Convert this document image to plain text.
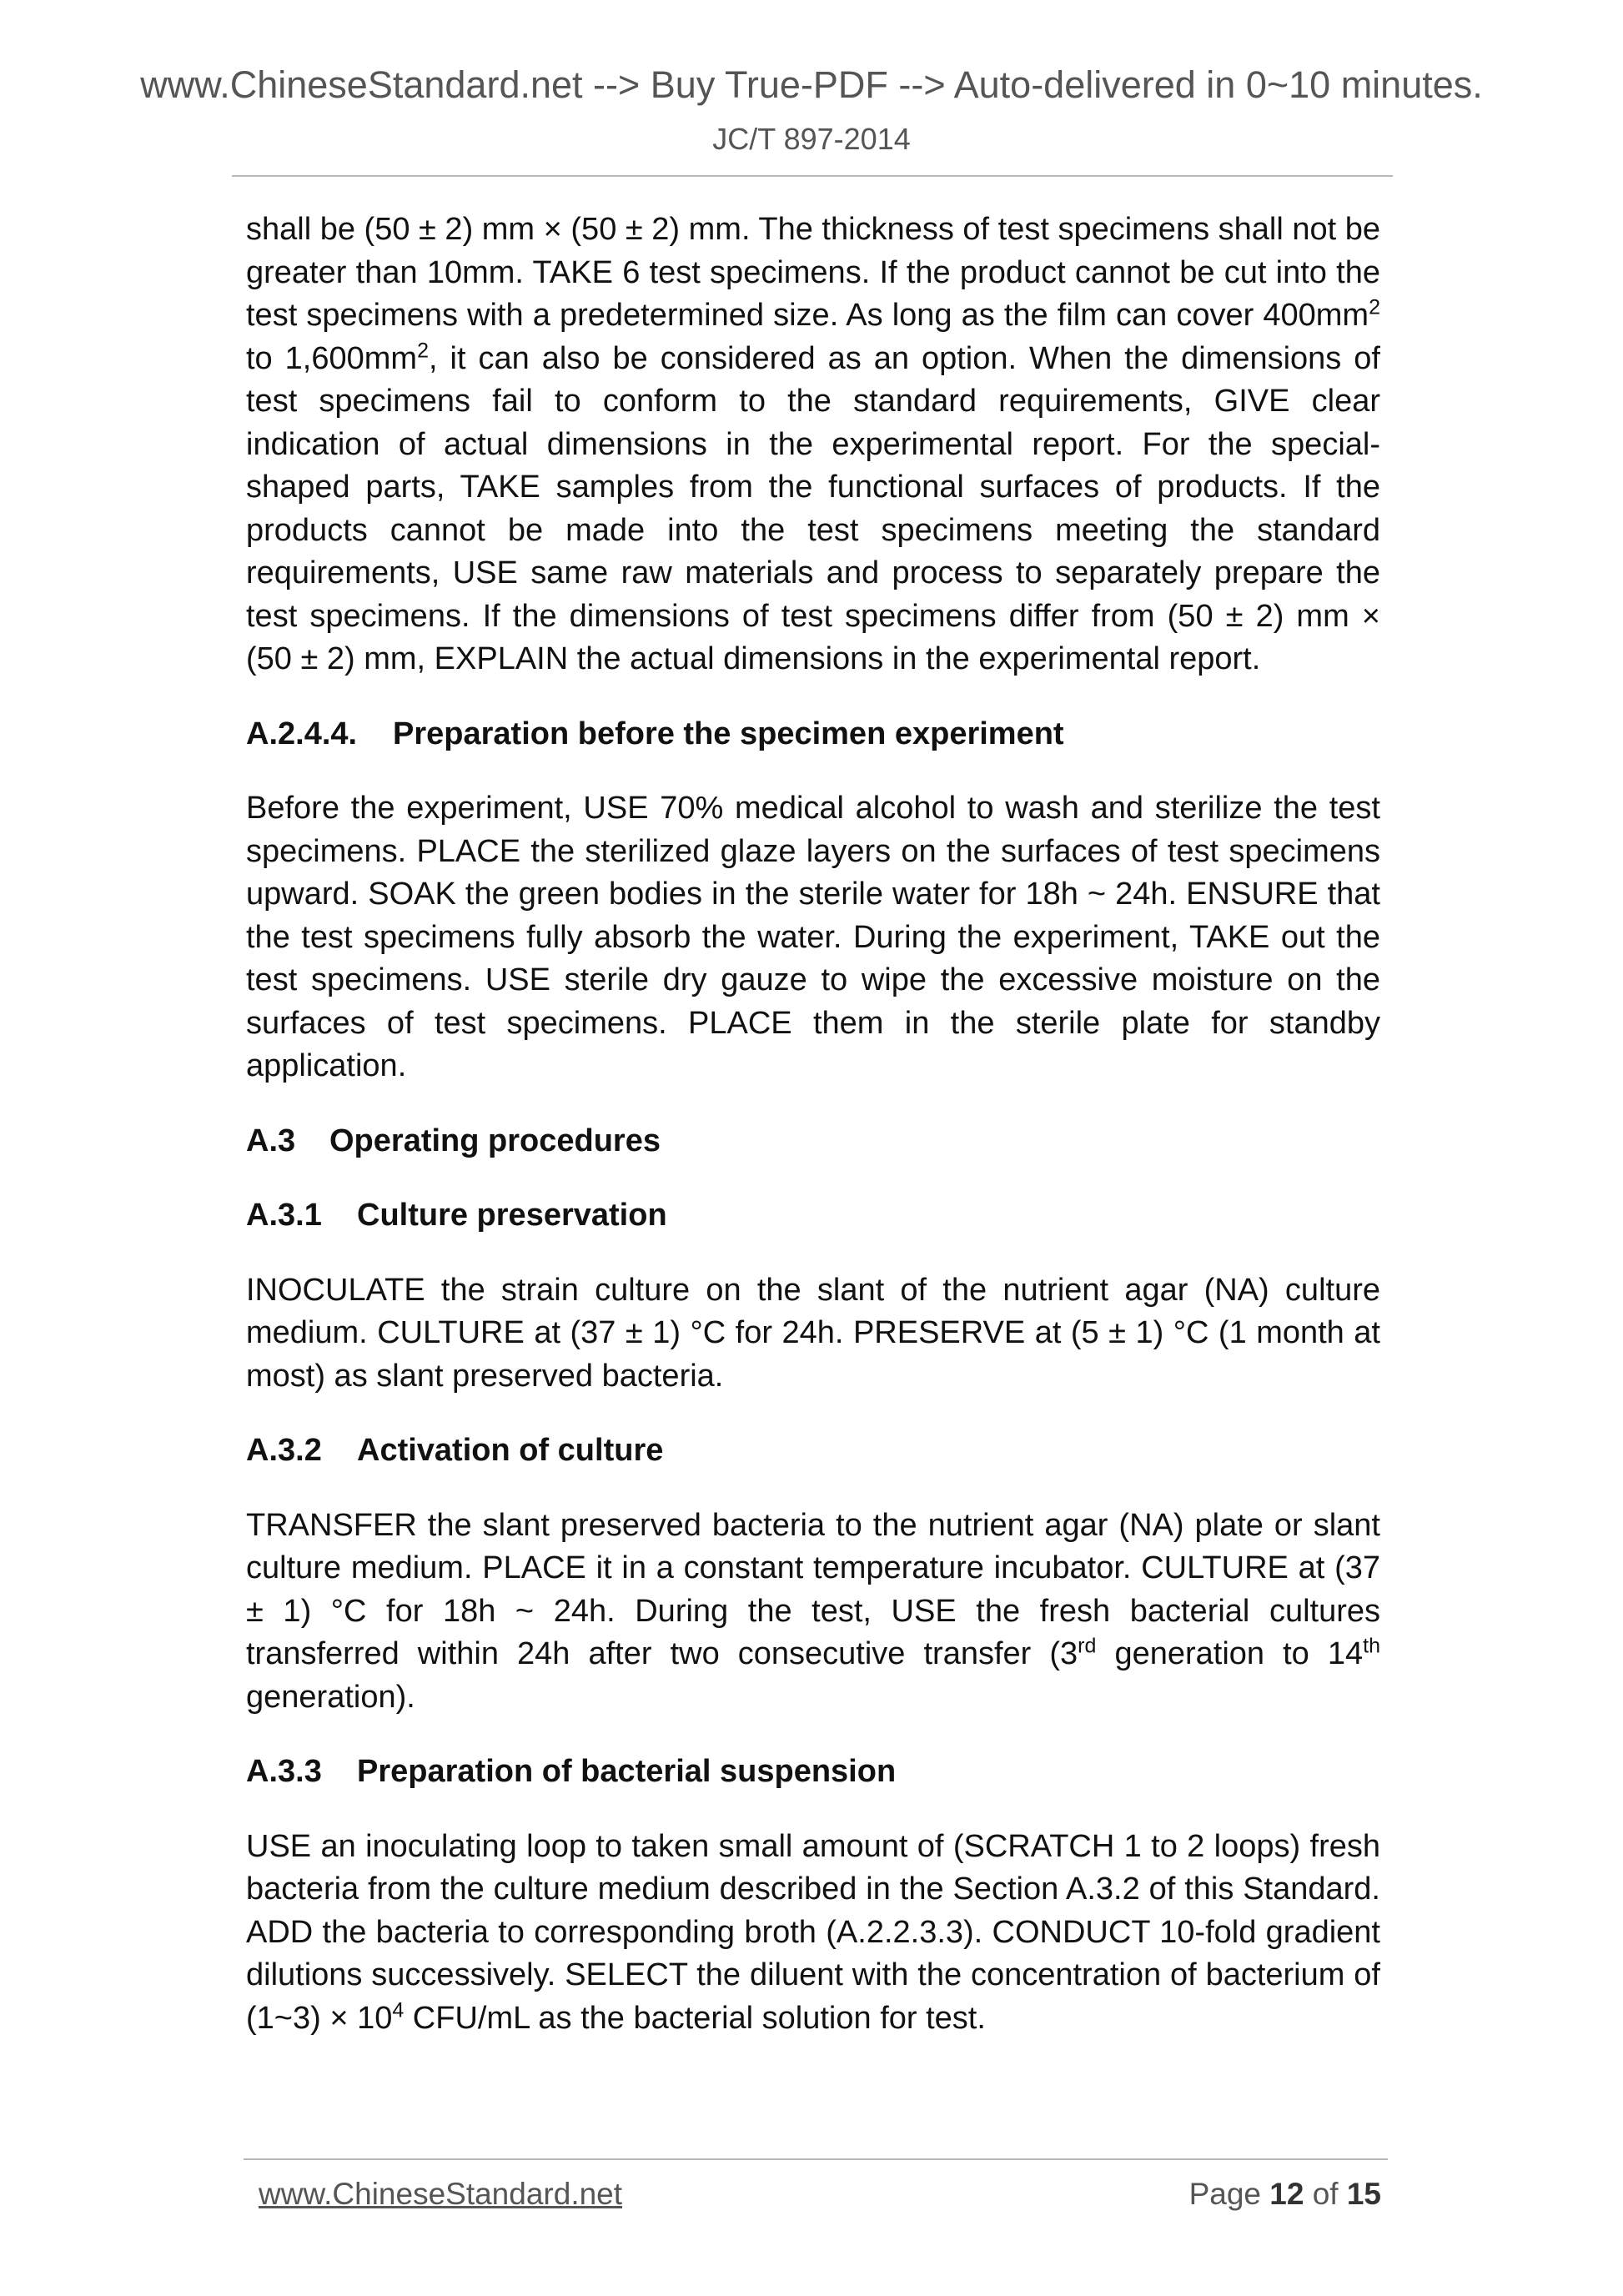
www.ChineseStandard.net --> Buy True-PDF --> Auto-delivered in 0~10 minutes.
JC/T 897-2014

shall be (50 ± 2) mm × (50 ± 2) mm. The thickness of test specimens shall not be greater than 10mm. TAKE 6 test specimens. If the product cannot be cut into the test specimens with a predetermined size. As long as the film can cover $400mm^2$ to $1,600mm^2$, it can also be considered as an option. When the dimensions of test specimens fail to conform to the standard requirements, GIVE clear indication of actual dimensions in the experimental report. For the special-shaped parts, TAKE samples from the functional surfaces of products. If the products cannot be made into the test specimens meeting the standard requirements, USE same raw materials and process to separately prepare the test specimens. If the dimensions of test specimens differ from (50 ± 2) mm × (50 ± 2) mm, EXPLAIN the actual dimensions in the experimental report.

A.2.4.4. Preparation before the specimen experiment

Before the experiment, USE 70% medical alcohol to wash and sterilize the test specimens. PLACE the sterilized glaze layers on the surfaces of test specimens upward. SOAK the green bodies in the sterile water for 18h ~ 24h. ENSURE that the test specimens fully absorb the water. During the experiment, TAKE out the test specimens. USE sterile dry gauze to wipe the excessive moisture on the surfaces of test specimens. PLACE them in the sterile plate for standby application.

A.3 Operating procedures
A.3.1 Culture preservation

INOCULATE the strain culture on the slant of the nutrient agar (NA) culture medium. CULTURE at (37 ± 1) °C for 24h. PRESERVE at (5 ± 1) °C (1 month at most) as slant preserved bacteria.

A.3.2 Activation of culture

TRANSFER the slant preserved bacteria to the nutrient agar (NA) plate or slant culture medium. PLACE it in a constant temperature incubator. CULTURE at (37 ± 1) °C for 18h ~ 24h. During the test, USE the fresh bacterial cultures transferred within 24h after two consecutive transfer (3rd generation to 14th generation).

A.3.3 Preparation of bacterial suspension

USE an inoculating loop to taken small amount of (SCRATCH 1 to 2 loops) fresh bacteria from the culture medium described in the Section A.3.2 of this Standard. ADD the bacteria to corresponding broth (A.2.2.3.3). CONDUCT 10-fold gradient dilutions successively. SELECT the diluent with the concentration of bacterium of (1~3) × $10^4$ CFU/mL as the bacterial solution for test.

www.ChineseStandard.net	Page 12 of 15
